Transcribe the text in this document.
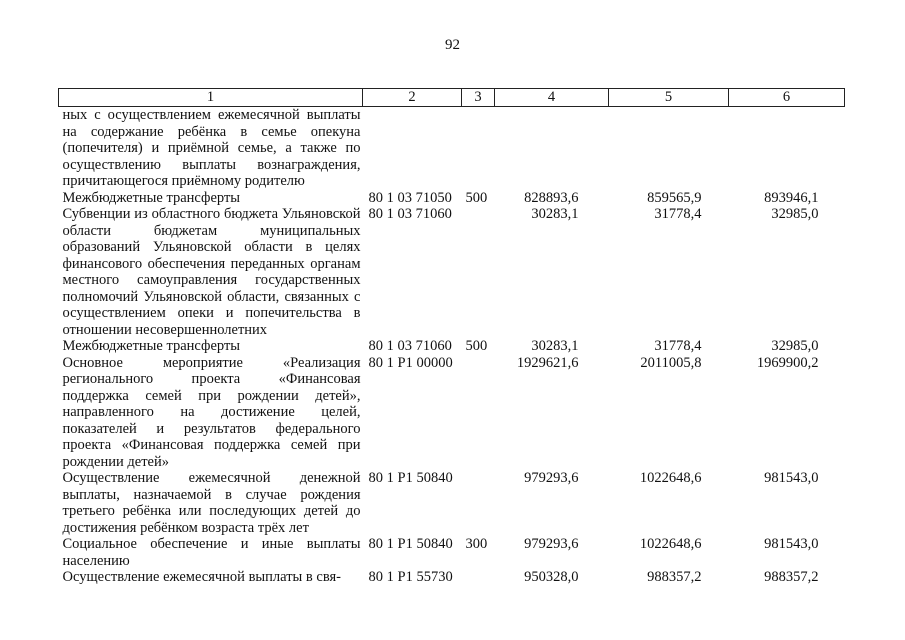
92
1	2	3	4	5	6
ных с осуществлением ежемесячной выплаты на содержание ребёнка в семье опекуна (попечителя) и приёмной семье, а также по осуществлению выплаты вознаграждения, причитающегося приёмному родителю					
Межбюджетные трансферты	80 1 03 71050	500	828893,6	859565,9	893946,1
Субвенции из областного бюджета Ульяновской области бюджетам муниципальных образований Ульяновской области в целях финансового обеспечения переданных органам местного самоуправления государственных полномочий Ульяновской области, связанных с осуществлением опеки и попечительства в отношении несовершеннолетних	80 1 03 71060		30283,1	31778,4	32985,0
Межбюджетные трансферты	80 1 03 71060	500	30283,1	31778,4	32985,0
Основное мероприятие «Реализация регионального проекта «Финансовая поддержка семей при рождении детей», направленного на достижение целей, показателей и результатов федерального проекта «Финансовая поддержка семей при рождении детей»	80 1 P1 00000		1929621,6	2011005,8	1969900,2
Осуществление ежемесячной денежной выплаты, назначаемой в случае рождения третьего ребёнка или последующих детей до достижения ребёнком возраста трёх лет	80 1 P1 50840		979293,6	1022648,6	981543,0
Социальное обеспечение и иные выплаты населению	80 1 P1 50840	300	979293,6	1022648,6	981543,0
Осуществление ежемесячной выплаты в свя-	80 1 P1 55730		950328,0	988357,2	988357,2
